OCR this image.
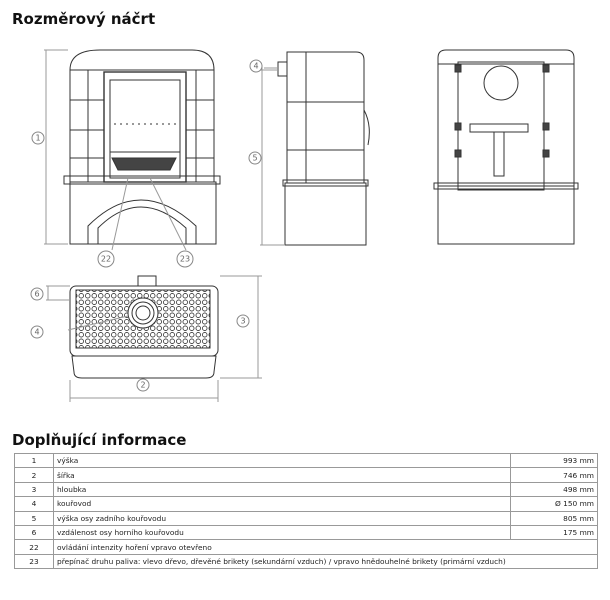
Rozměrový náčrt
1
4
5
22	23
6
4
3
2
Doplňující informace
1	výška	993 mm
2	šířka	746 mm
3	hloubka	498 mm
4	kouřovod	Ø 150 mm
5	výška osy zadního kouřovodu	805 mm
6	vzdálenost osy horního kouřovodu	175 mm
22	ovládání intenzity hoření vpravo otevřeno	
23	přepínač druhu paliva: vlevo dřevo, dřevěné brikety (sekundární vzduch) / vpravo hnědouhelné brikety (primární vzduch)	
